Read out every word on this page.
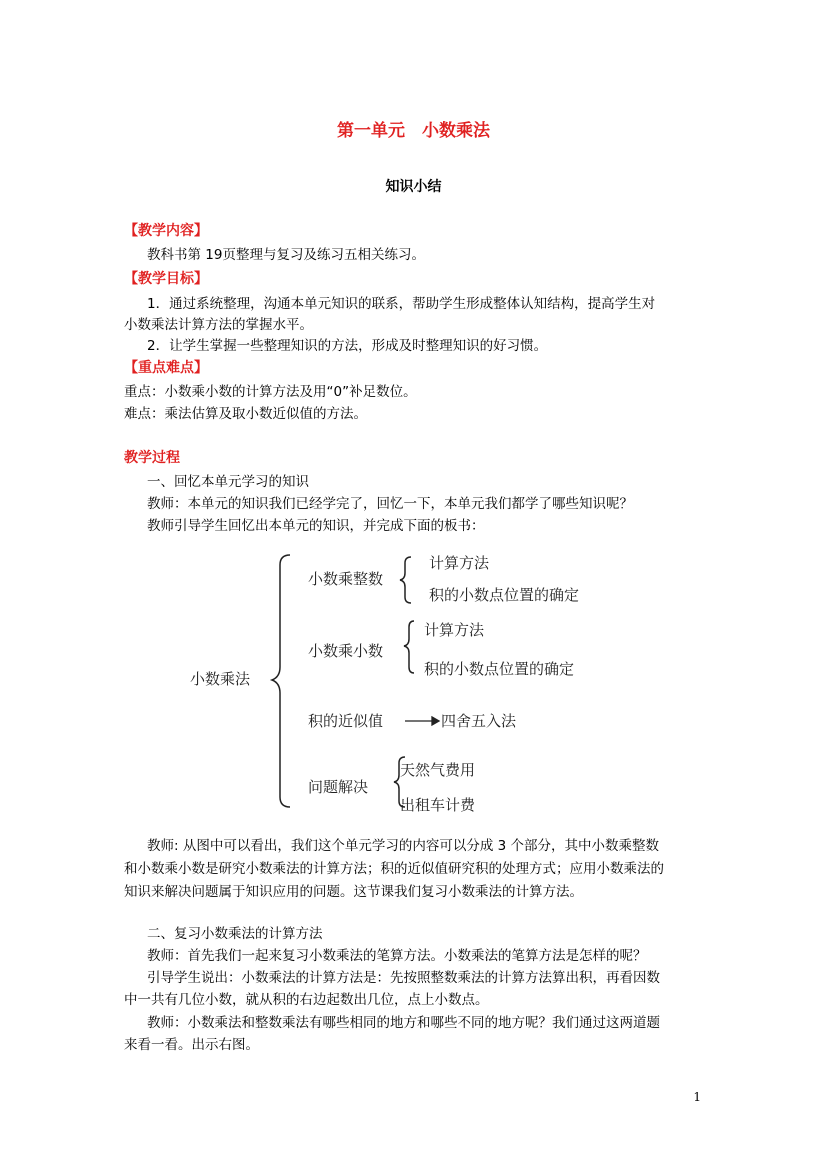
第一单元　小数乘法
知识小结
【教学内容】
教科书第 19页整理与复习及练习五相关练习。
【教学目标】
1．通过系统整理，沟通本单元知识的联系，帮助学生形成整体认知结构，提高学生对
小数乘法计算方法的掌握水平。
2．让学生掌握一些整理知识的方法，形成及时整理知识的好习惯。
【重点难点】
重点：小数乘小数的计算方法及用“0”补足数位。
难点：乘法估算及取小数近似值的方法。
教学过程
一、回忆本单元学习的知识
教师：本单元的知识我们已经学完了，回忆一下，本单元我们都学了哪些知识呢？
教师引导学生回忆出本单元的知识，并完成下面的板书：
小数乘法
小数乘整数
计算方法
积的小数点位置的确定
小数乘小数
计算方法
积的小数点位置的确定
积的近似值	四舍五入法
问题解决
天然气费用
出租车计费
教师: 从图中可以看出，我们这个单元学习的内容可以分成 3 个部分，其中小数乘整数
和小数乘小数是研究小数乘法的计算方法；积的近似值研究积的处理方式；应用小数乘法的
知识来解决问题属于知识应用的问题。这节课我们复习小数乘法的计算方法。
二、复习小数乘法的计算方法
教师：首先我们一起来复习小数乘法的笔算方法。小数乘法的笔算方法是怎样的呢？
引导学生说出：小数乘法的计算方法是：先按照整数乘法的计算方法算出积，再看因数
中一共有几位小数，就从积的右边起数出几位，点上小数点。
教师：小数乘法和整数乘法有哪些相同的地方和哪些不同的地方呢？我们通过这两道题
来看一看。出示右图。
1
